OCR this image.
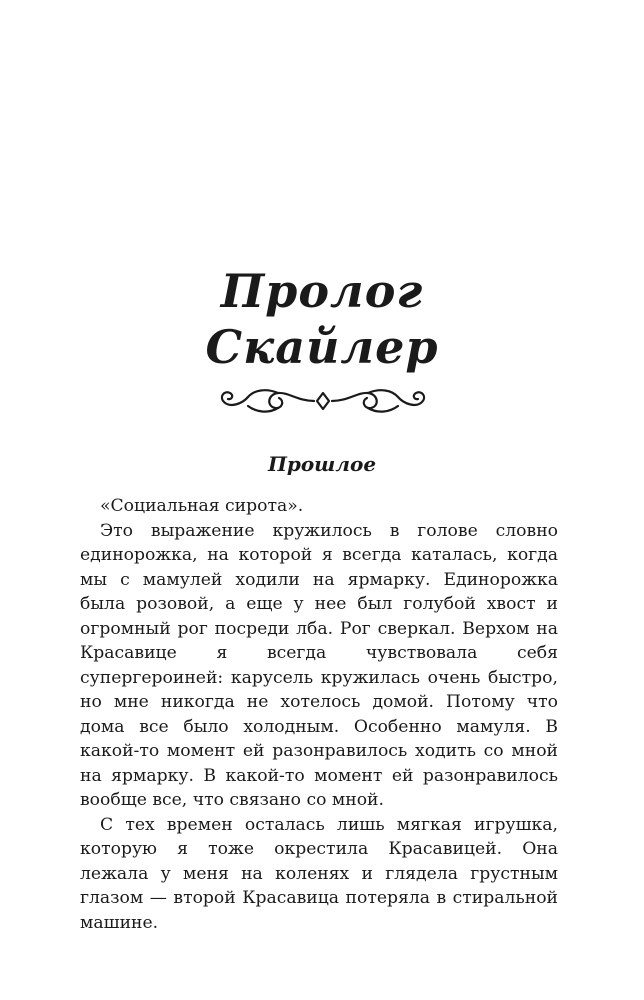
Пролог
Скайлер
Прошлое

«Социальная сирота».

Это выражение кружилось в голове словно единорожка, на которой я всегда каталась, когда мы с мамулей ходили на ярмарку. Единорожка была розовой, а еще у нее был голубой хвост и огромный рог посреди лба. Рог сверкал. Верхом на Красавице я всегда чувствовала себя супергероиней: карусель кружилась очень быстро, но мне никогда не хотелось домой. Потому что дома все было холодным. Особенно мамуля. В какой-то момент ей разонравилось ходить со мной на ярмарку. В какой-то момент ей разонравилось вообще все, что связано со мной.

С тех времен осталась лишь мягкая игрушка, которую я тоже окрестила Красавицей. Она лежала у меня на коленях и глядела грустным глазом — второй Красавица потеряла в стиральной машине.
